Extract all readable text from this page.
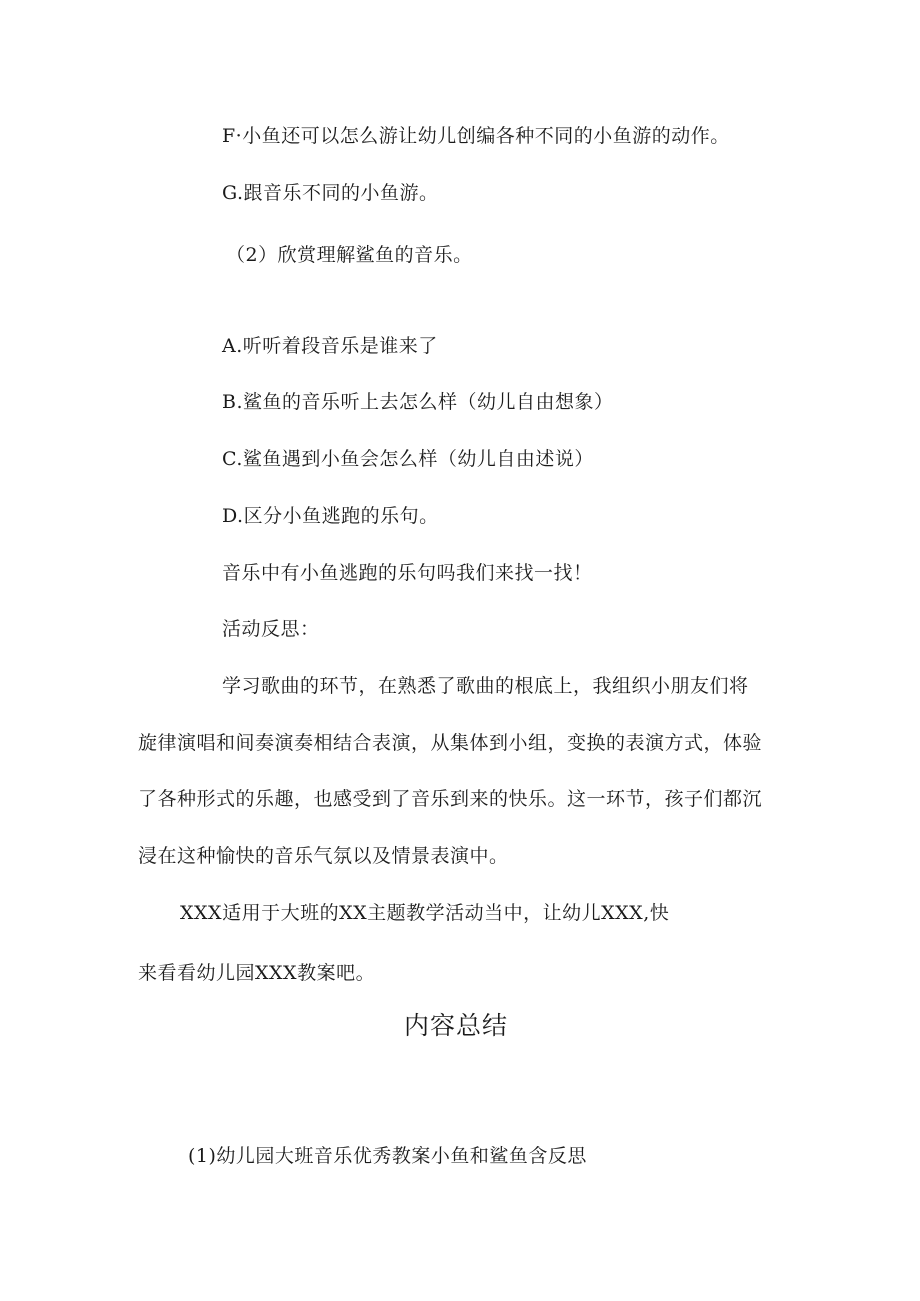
F·小鱼还可以怎么游让幼儿创编各种不同的小鱼游的动作。
G.跟音乐不同的小鱼游。
（2）欣赏理解鲨鱼的音乐。
A.听听着段音乐是谁来了
B.鲨鱼的音乐听上去怎么样（幼儿自由想象）
C.鲨鱼遇到小鱼会怎么样（幼儿自由述说）
D.区分小鱼逃跑的乐句。
音乐中有小鱼逃跑的乐句吗我们来找一找！
活动反思：
学习歌曲的环节，在熟悉了歌曲的根底上，我组织小朋友们将
旋律演唱和间奏演奏相结合表演，从集体到小组，变换的表演方式，体验
了各种形式的乐趣，也感受到了音乐到来的快乐。这一环节，孩子们都沉
浸在这种愉快的音乐气氛以及情景表演中。
XXX适用于大班的XX主题教学活动当中，让幼儿XXX,快
来看看幼儿园XXX教案吧。
内容总结
(1)幼儿园大班音乐优秀教案小鱼和鲨鱼含反思
